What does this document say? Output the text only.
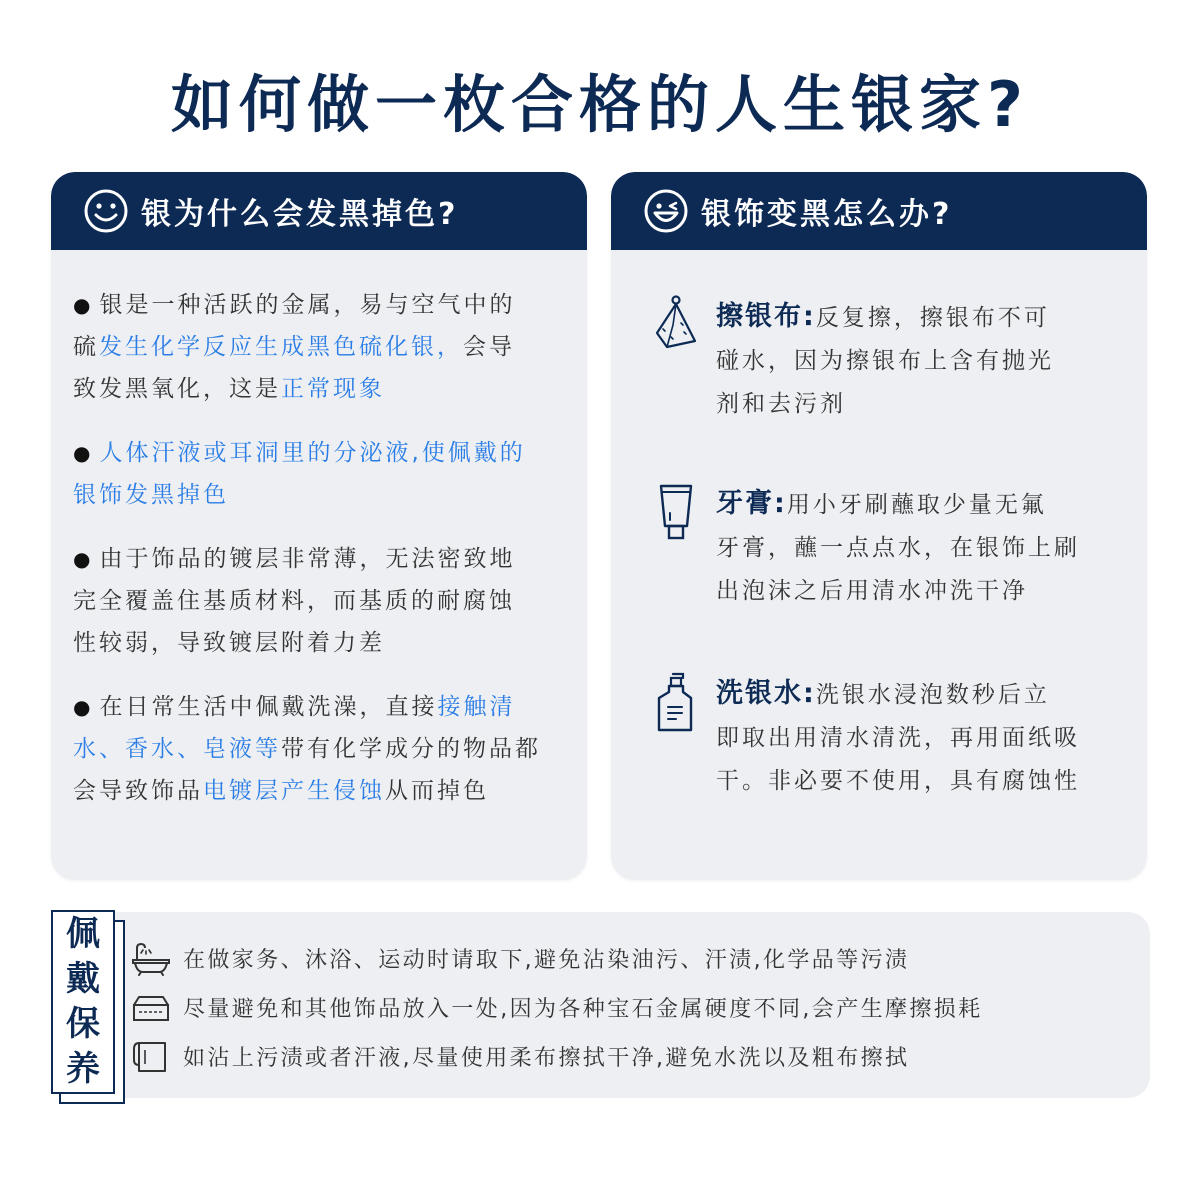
如何做一枚合格的人生银家?
银为什么会发黑掉色?
● 银是一种活跃的金属，易与空气中的
硫发生化学反应生成黑色硫化银，会导
致发黑氧化，这是正常现象
● 人体汗液或耳洞里的分泌液,使佩戴的
银饰发黑掉色
● 由于饰品的镀层非常薄，无法密致地
完全覆盖住基质材料，而基质的耐腐蚀
性较弱，导致镀层附着力差
● 在日常生活中佩戴洗澡，直接接触清
水、香水、皂液等带有化学成分的物品都
会导致饰品电镀层产生侵蚀从而掉色
银饰变黑怎么办?
擦银布:反复擦，擦银布不可
碰水，因为擦银布上含有抛光
剂和去污剂
牙膏:用小牙刷蘸取少量无氟
牙膏，蘸一点点水，在银饰上刷
出泡沫之后用清水冲洗干净
洗银水:洗银水浸泡数秒后立
即取出用清水清洗，再用面纸吸
干。非必要不使用，具有腐蚀性
佩
戴
保
养
在做家务、沐浴、运动时请取下,避免沾染油污、汗渍,化学品等污渍
尽量避免和其他饰品放入一处,因为各种宝石金属硬度不同,会产生摩擦损耗
如沾上污渍或者汗液,尽量使用柔布擦拭干净,避免水洗以及粗布擦拭
